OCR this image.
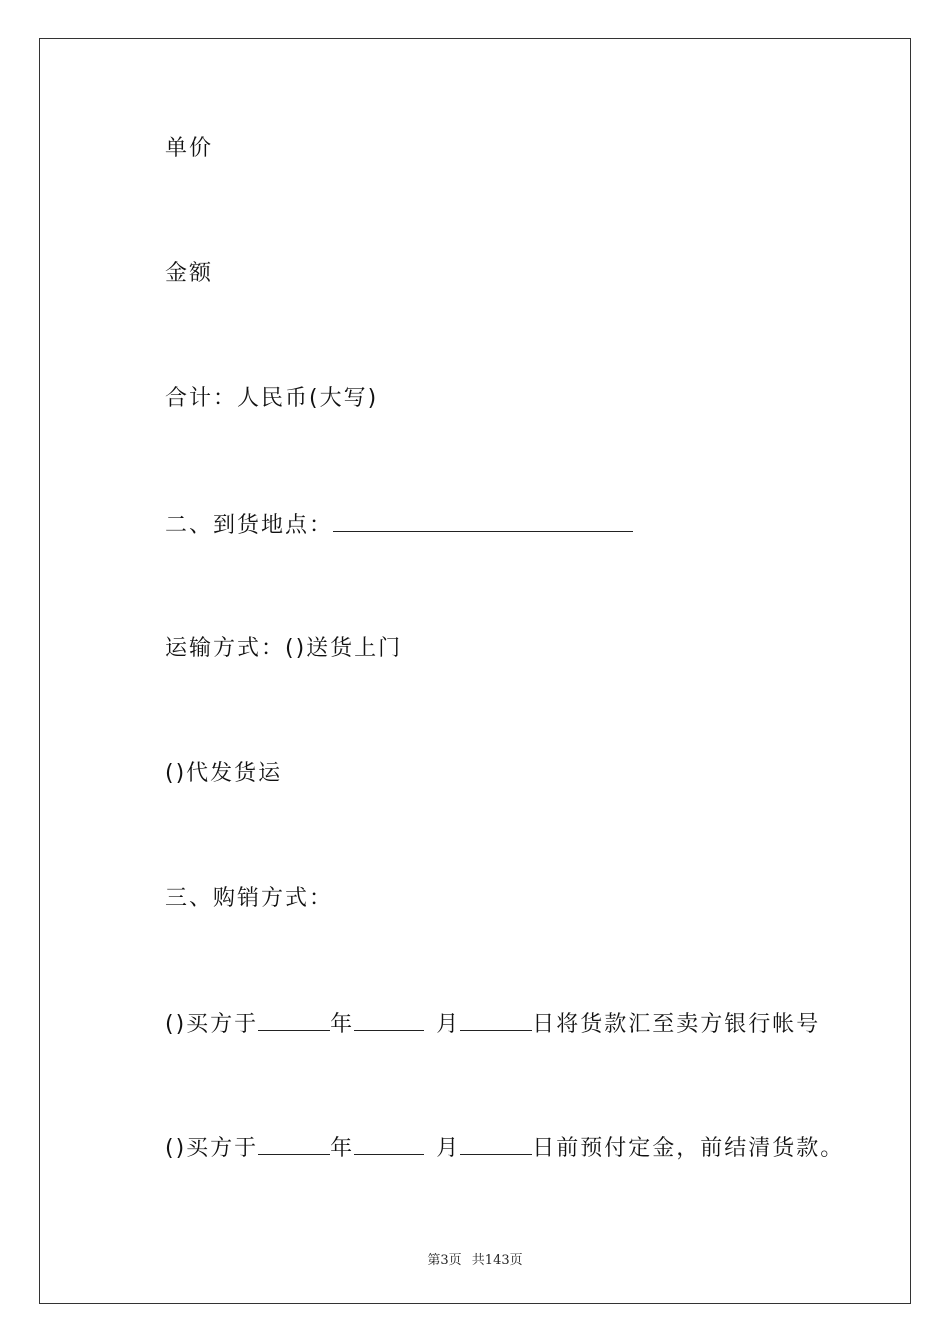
单价
金额
合计：人民币(大写)
二、到货地点：
运输方式：()送货上门
()代发货运
三、购销方式：
()买方于	年	月	日将货款汇至卖方银行帐号
()买方于	年	月	日前预付定金，前结清货款。
第3页 共143页
